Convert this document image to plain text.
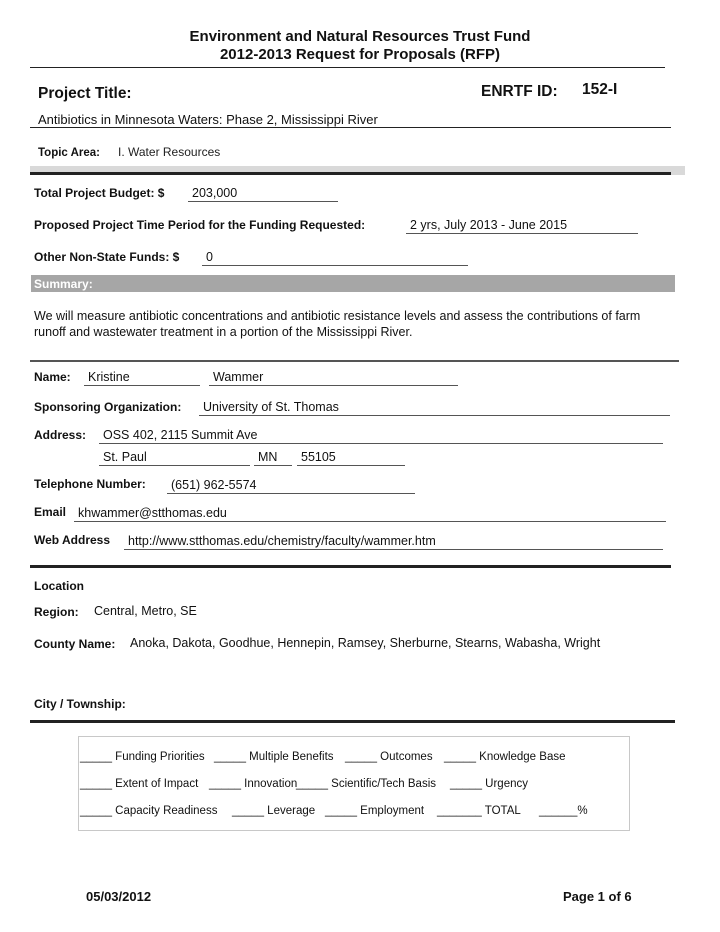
Environment and Natural Resources Trust Fund
2012-2013 Request for Proposals (RFP)
Project Title:	ENRTF ID: 152-I
Antibiotics in Minnesota Waters: Phase 2, Mississippi River
Topic Area: I. Water Resources
Total Project Budget: $	203,000
Proposed Project Time Period for the Funding Requested:	2 yrs, July 2013 - June 2015
Other Non-State Funds: $	0
Summary:
We will measure antibiotic concentrations and antibiotic resistance levels and assess the contributions of farm
runoff and wastewater treatment in a portion of the Mississippi River.
Name:	Kristine	Wammer
Sponsoring Organization:	University of St. Thomas
Address:	OSS 402, 2115 Summit Ave
St. Paul	MN	55105
Telephone Number:	(651) 962-5574
Email khwammer@stthomas.edu
Web Address	http://www.stthomas.edu/chemistry/faculty/wammer.htm
Location
Region: Central, Metro, SE
County Name: Anoka, Dakota, Goodhue, Hennepin, Ramsey, Sherburne, Stearns, Wabasha, Wright
City / Township:
_____ Funding Priorities _____ Multiple Benefits _____ Outcomes _____ Knowledge Base
_____ Extent of Impact _____ Innovation_____ Scientific/Tech Basis _____ Urgency
_____ Capacity Readiness _____ Leverage _____ Employment _______ TOTAL ______%
05/03/2012	Page 1 of 6
